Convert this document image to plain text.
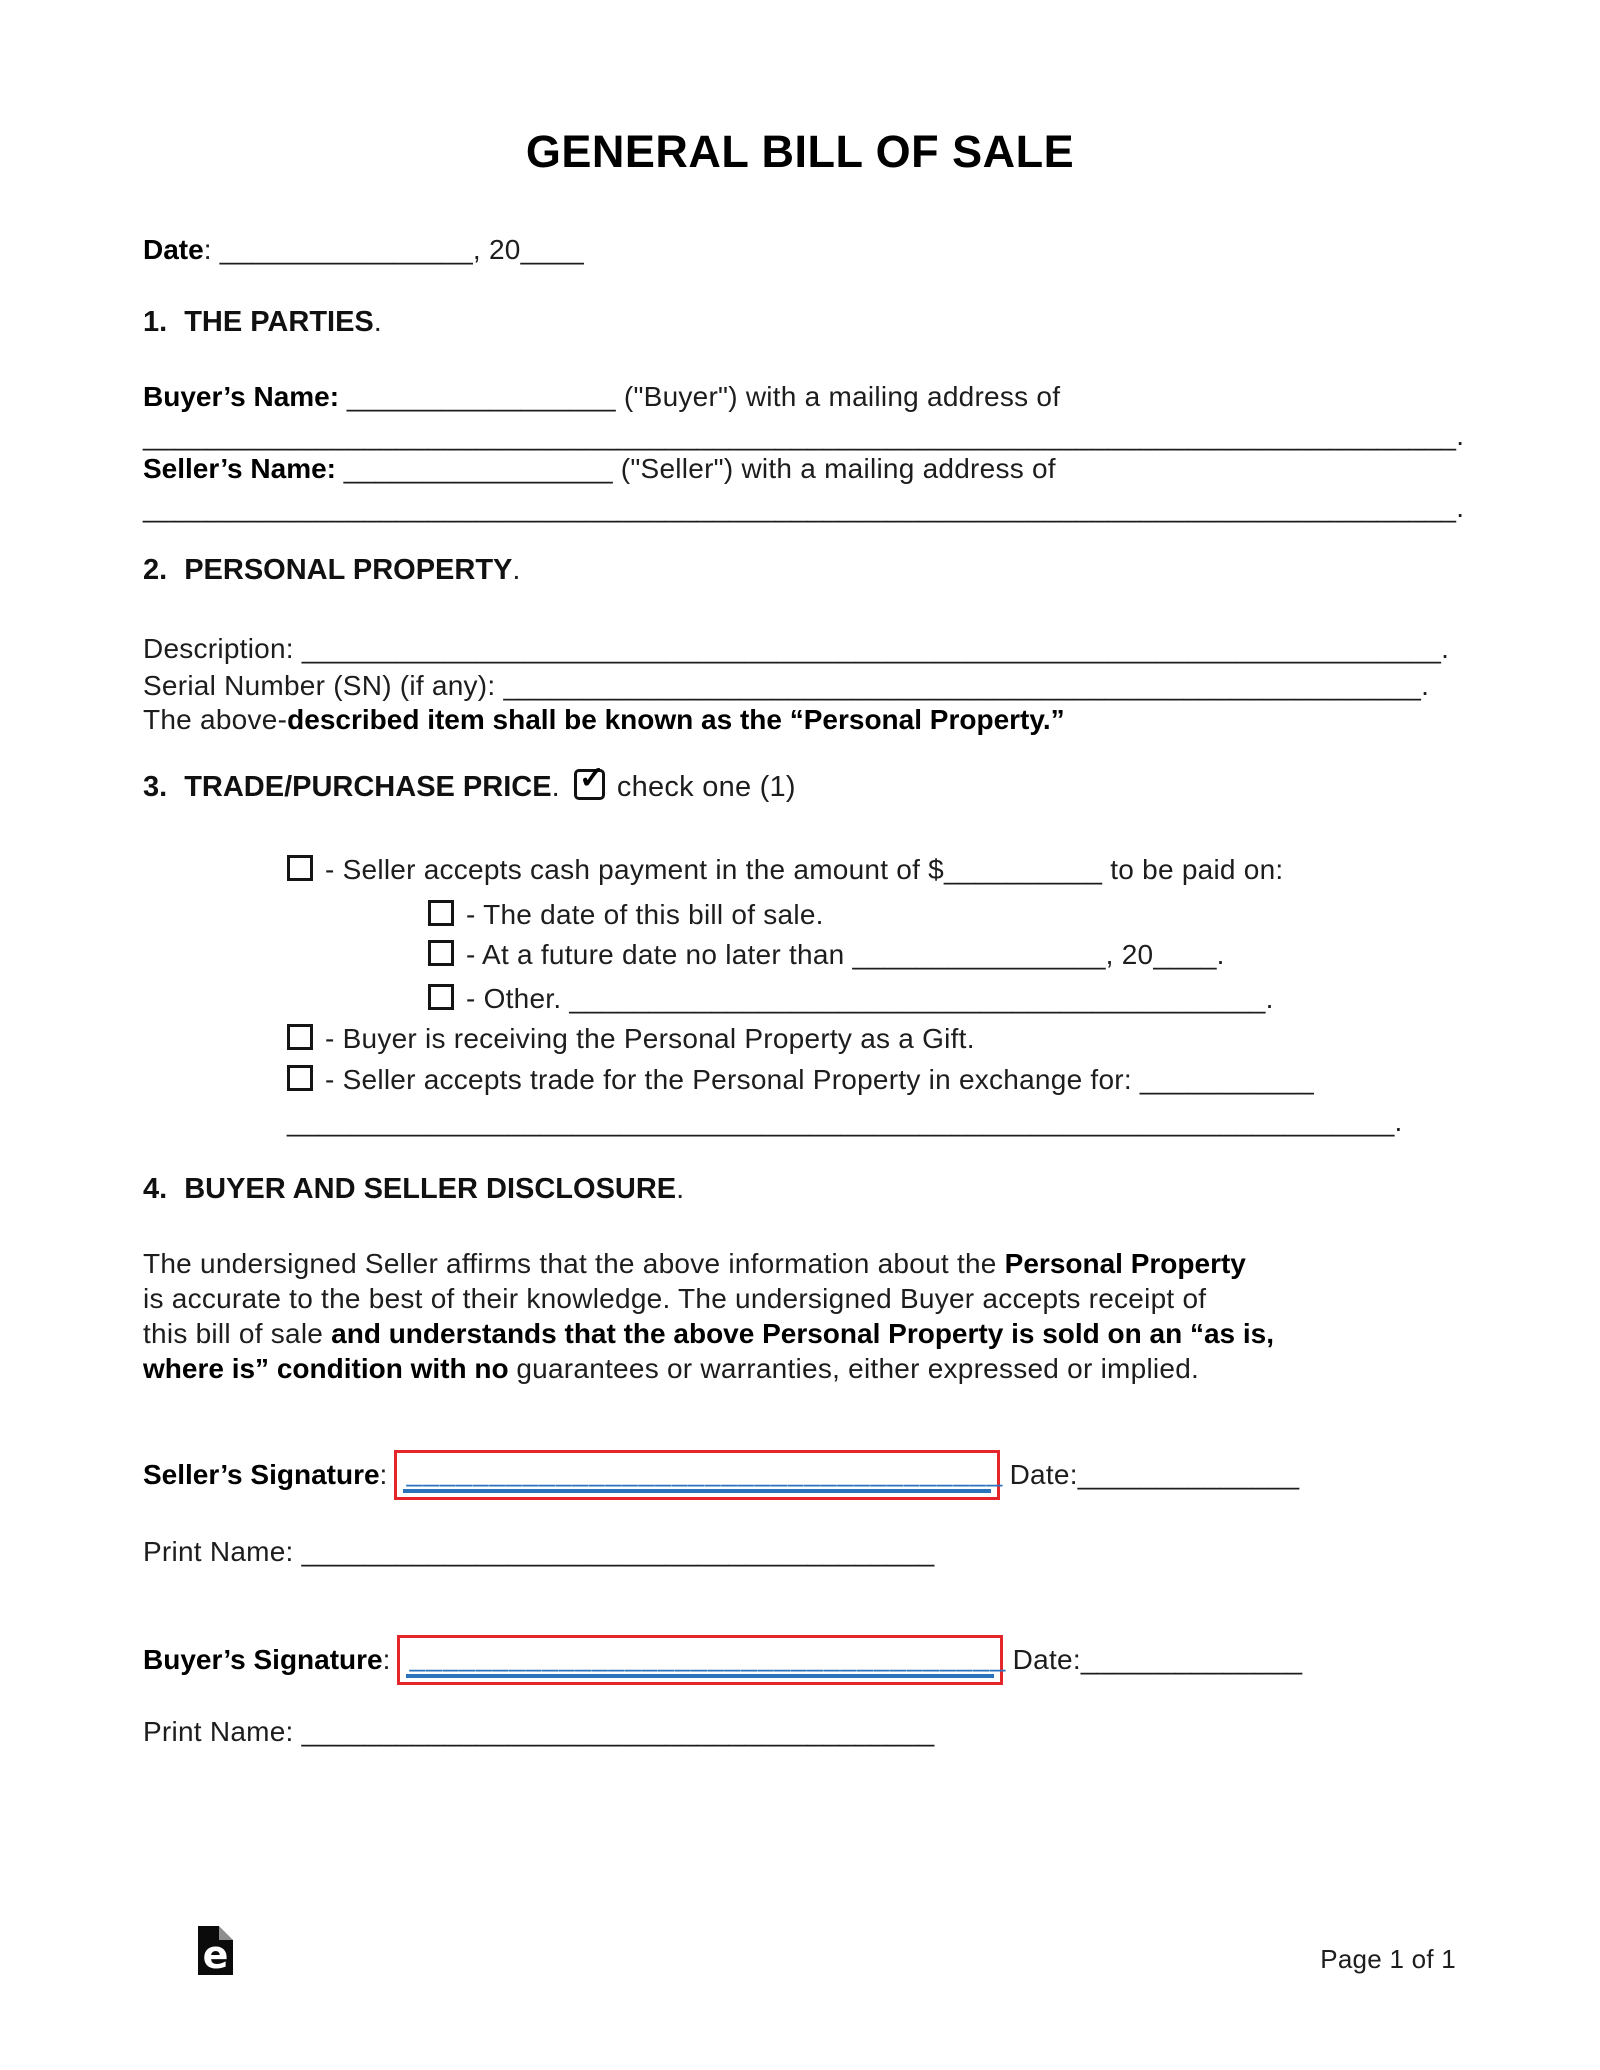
GENERAL BILL OF SALE
Date: ________________, 20____
1. THE PARTIES.
Buyer’s Name: _________________ ("Buyer") with a mailing address of
___________________________________________________________________________________.
Seller’s Name: _________________ ("Seller") with a mailing address of
___________________________________________________________________________________.
2. PERSONAL PROPERTY.
Description: ________________________________________________________________________.
Serial Number (SN) (if any): __________________________________________________________.
The above-described item shall be known as the “Personal Property.”
3. TRADE/PURCHASE PRICE. ✓ check one (1)
- Seller accepts cash payment in the amount of $__________ to be paid on:
- The date of this bill of sale.
- At a future date no later than ________________, 20____.
- Other. ____________________________________________.
- Buyer is receiving the Personal Property as a Gift.
- Seller accepts trade for the Personal Property in exchange for: ___________
______________________________________________________________________.
4. BUYER AND SELLER DISCLOSURE.
The undersigned Seller affirms that the above information about the Personal Property
is accurate to the best of their knowledge. The undersigned Buyer accepts receipt of
this bill of sale and understands that the above Personal Property is sold on an “as is,
where is” condition with no guarantees or warranties, either expressed or implied.
Seller’s Signature : ____________________________________ Date: ______________
Print Name: ________________________________________
Buyer’s Signature : ____________________________________ Date: ______________
Print Name: ________________________________________
e	Page 1 of 1
